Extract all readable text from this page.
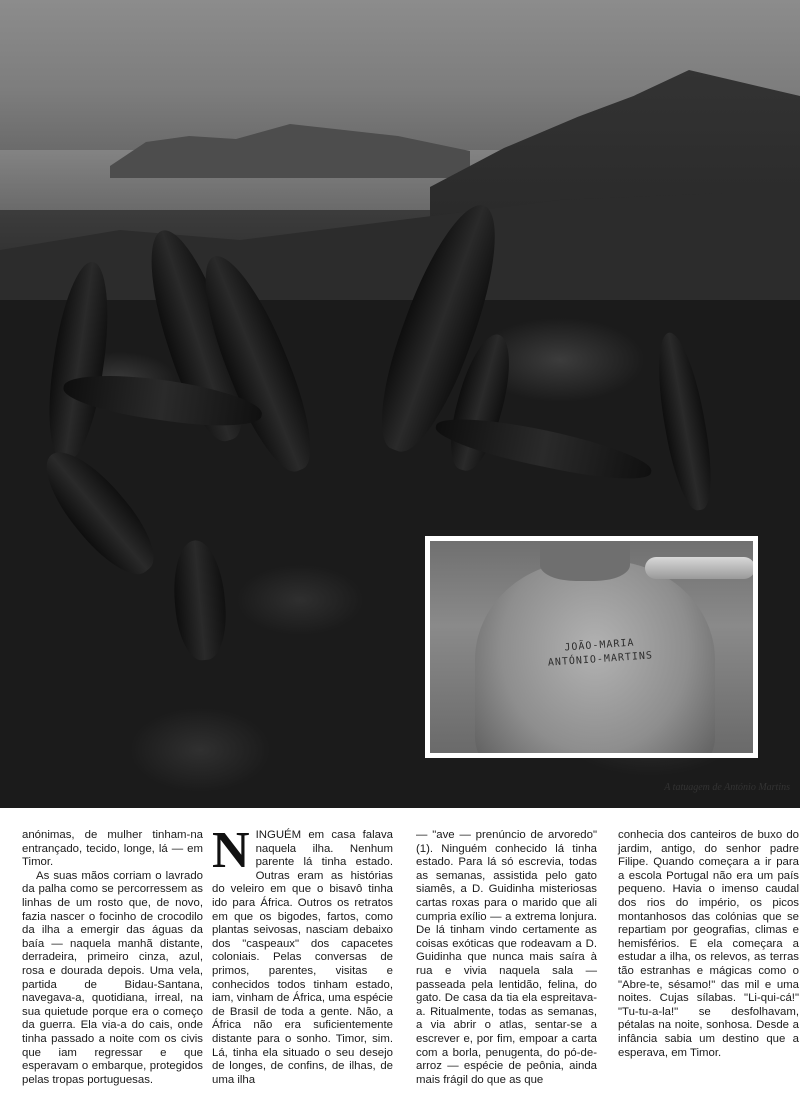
JOÃO-MARIA
ANTÓNIO-MARTINS
A tatuagem de António Martins

anónimas, de mulher tinham-na entrançado, tecido, longe, lá — em Timor.

As suas mãos corriam o lavrado da palha como se percorressem as linhas de um rosto que, de novo, fazia nascer o focinho de crocodilo da ilha a emergir das águas da baía — naquela manhã distante, derradeira, primeiro cinza, azul, rosa e dourada depois. Uma vela, partida de Bidau-Santana, navegava-a, quotidiana, irreal, na sua quietude porque era o começo da guerra. Ela via-a do cais, onde tinha passado a noite com os civis que iam regressar e que esperavam o embarque, protegidos pelas tropas portuguesas.

NINGUÉM em casa falava naquela ilha. Nenhum parente lá tinha estado. Outras eram as histórias do veleiro em que o bisavô tinha ido para África. Outros os retratos em que os bigodes, fartos, como plantas seivosas, nasciam debaixo dos "caspeaux" dos capacetes coloniais. Pelas conversas de primos, parentes, visitas e conhecidos todos tinham estado, iam, vinham de África, uma espécie de Brasil de toda a gente. Não, a África não era suficientemente distante para o sonho. Timor, sim. Lá, tinha ela situado o seu desejo de longes, de confins, de ilhas, de uma ilha

— "ave — prenúncio de arvoredo" (1). Ninguém conhecido lá tinha estado. Para lá só escrevia, todas as semanas, assistida pelo gato siamês, a D. Guidinha misteriosas cartas roxas para o marido que ali cumpria exílio — a extrema lonjura. De lá tinham vindo certamente as coisas exóticas que rodeavam a D. Guidinha que nunca mais saíra à rua e vivia naquela sala — passeada pela lentidão, felina, do gato. De casa da tia ela espreitava-a. Ritualmente, todas as semanas, a via abrir o atlas, sentar-se a escrever e, por fim, empoar a carta com a borla, penugenta, do pó-de-arroz — espécie de peônia, ainda mais frágil do que as que

conhecia dos canteiros de buxo do jardim, antigo, do senhor padre Filipe. Quando começara a ir para a escola Portugal não era um país pequeno. Havia o imenso caudal dos rios do império, os picos montanhosos das colónias que se repartiam por geografias, climas e hemisférios. E ela começara a estudar a ilha, os relevos, as terras tão estranhas e mágicas como o "Abre-te, sésamo!" das mil e uma noites. Cujas sílabas. "Li-qui-cá!" "Tu-tu-a-la!" se desfolhavam, pétalas na noite, sonhosa. Desde a infância sabia um destino que a esperava, em Timor.
